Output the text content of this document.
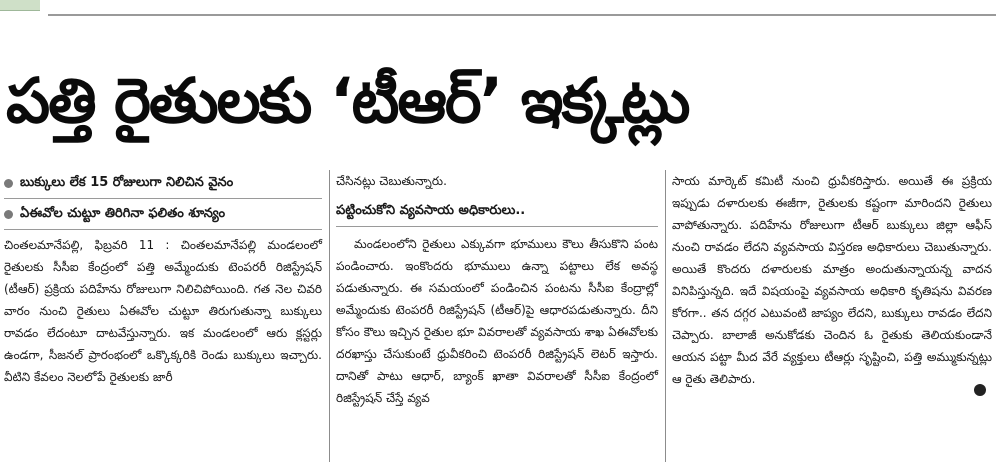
పత్తి రైతులకు ‘టీఆర్’ ఇక్కట్లు
బుక్కులు లేక 15 రోజులుగా నిలిచిన వైనం
ఏఈవోల చుట్టూ తిరిగినా ఫలితం శూన్యం

చింతలమానేపల్లి, ఫిబ్రవరి 11 : చింతలమానేపల్లి మండలంలో రైతులకు సీసీఐ కేంద్రంలో పత్తి అమ్మేందుకు టెంపరరీ రిజిస్ట్రేషన్ (టీఆర్) ప్రక్రియ పదిహేను రోజులుగా నిలిచిపోయింది. గత నెల చివరి వారం నుంచి రైతులు ఏఈవోల చుట్టూ తిరుగుతున్నా బుక్కులు రావడం లేదంటూ దాటవేస్తున్నారు. ఇక మండలంలో ఆరు క్లస్టర్లు ఉండగా, సీజనల్ ప్రారంభంలో ఒక్కొక్కరికి రెండు బుక్కులు ఇచ్చారు. వీటిని కేవలం నెలలోపే రైతులకు జారీ

చేసినట్లు చెబుతున్నారు.

పట్టించుకోని వ్యవసాయ అధికారులు..

మండలంలోని రైతులు ఎక్కువగా భూములు కౌలు తీసుకొని పంట పండించారు. ఇంకొందరు భూములు ఉన్నా పట్టాలు లేక అవస్థ పడుతున్నారు. ఈ సమయంలో పండించిన పంటను సీసీఐ కేంద్రాల్లో అమ్మేందుకు టెంపరరీ రిజిస్ట్రేషన్ (టీఆర్)పై ఆధారపడుతున్నారు. దీని కోసం కౌలు ఇచ్చిన రైతుల భూ వివరాలతో వ్యవసాయ శాఖ ఏఈవోలకు దరఖాస్తు చేసుకుంటే ధ్రువీకరించి టెంపరరీ రిజిస్ట్రేషన్ లెటర్ ఇస్తారు. దానితో పాటు ఆధార్, బ్యాంక్ ఖాతా వివరాలతో సీసీఐ కేంద్రంలో రిజిస్ట్రేషన్ చేస్తే వ్యవ

సాయ మార్కెట్ కమిటీ నుంచి ధ్రువీకరిస్తారు. అయితే ఈ ప్రక్రియ ఇప్పుడు దళారులకు ఈజీగా, రైతులకు కష్టంగా మారిందని రైతులు వాపోతున్నారు. పదిహేను రోజులుగా టీఆర్ బుక్కులు జిల్లా ఆఫీస్ నుంచి రావడం లేదని వ్యవసాయ విస్తరణ అధికారులు చెబుతున్నారు. అయితే కొందరు దళారులకు మాత్రం అందుతున్నాయన్న వాదన వినిపిస్తున్నది. ఇదే విషయంపై వ్యవసాయ అధికారి కృతిషను వివరణ కోరగా.. తన దగ్గర ఎటువంటి జాప్యం లేదని, బుక్కులు రావడం లేదని చెప్పారు. బాలాజీ అనుకోడకు చెందిన ఓ రైతుకు తెలియకుండానే ఆయన పట్టా మీద వేరే వ్యక్తులు టీఆర్లు సృష్టించి, పత్తి అమ్ముకున్నట్లు ఆ రైతు తెలిపారు.
